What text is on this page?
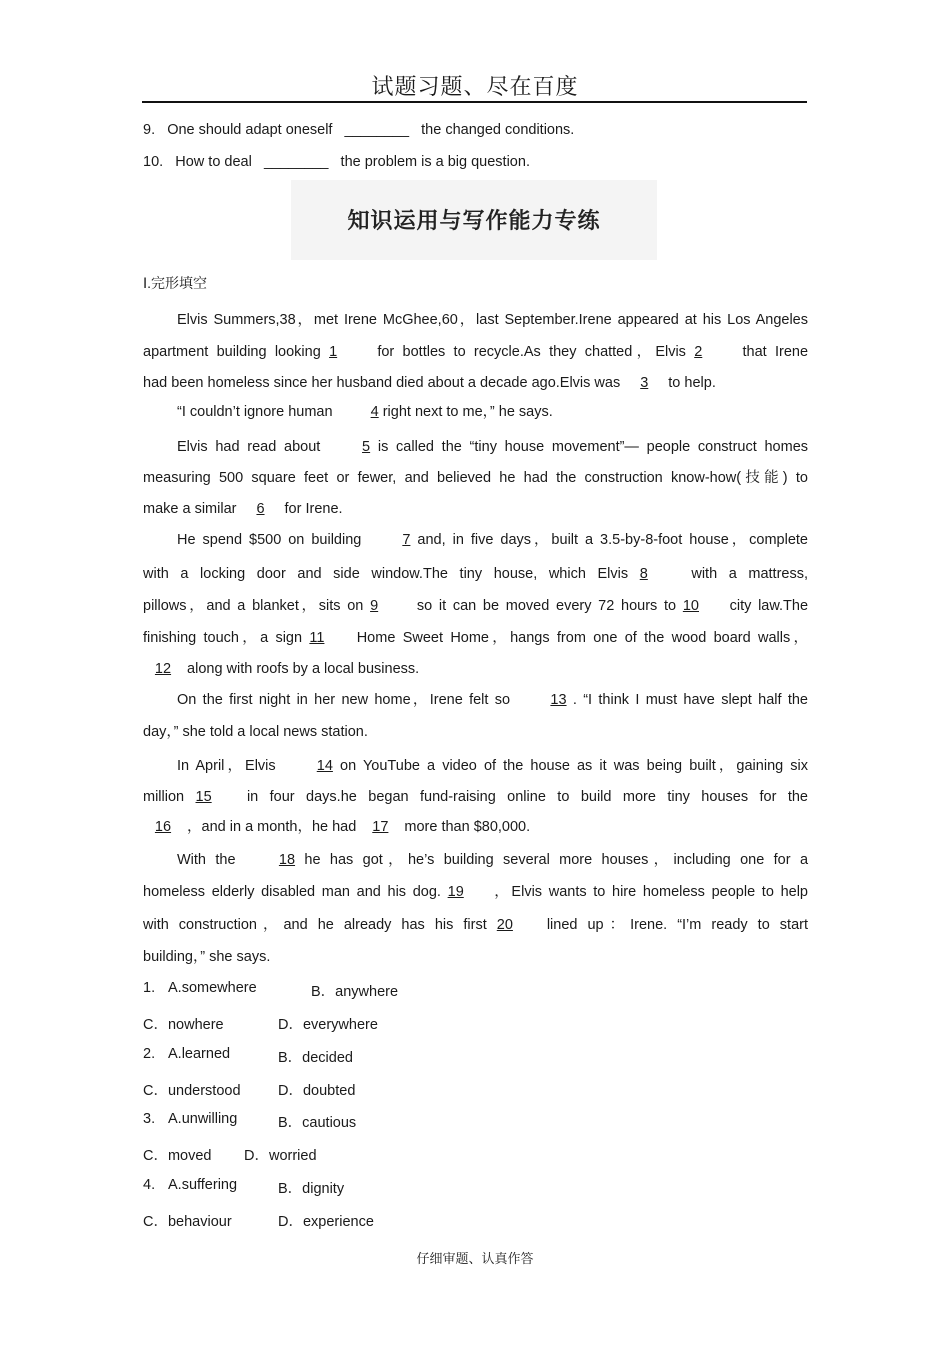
试题习题、尽在百度
9. One should adapt oneself ________ the changed conditions.
10. How to deal ________ the problem is a big question.
知识运用与写作能力专练
Ⅰ.完形填空
Elvis Summers,38，met Irene McGhee,60，last September.Irene appeared at his Los Angeles
apartment building looking 1	for bottles to recycle.As they chatted，Elvis 2	that Irene
had been homeless since her husband died about a decade ago.Elvis was 3 to help.
“I couldn’t ignore human	4 right next to me，” he says.
Elvis had read about	5 is called the “tiny house movement”— people construct homes
measuring 500 square feet or fewer, and believed he had the construction know-how(技能) to
make a similar 6 for Irene.
He spend $500 on building	7 and, in five days，built a 3.5-by-8-foot house，complete
with a locking door and side window.The tiny house, which Elvis 8	with a mattress,
pillows，and a blanket，sits on 9	so it can be moved every 72 hours to 10 city law.The
finishing touch，a sign 11 Home Sweet Home，hangs from one of the wood board walls，
12 along with roofs by a local business.
On the first night in her new home，Irene felt so	13 . “I think I must have slept half the
day，” she told a local news station.
In April，Elvis	14 on YouTube a video of the house as it was being built，gaining six
million 15 in four days.he began fund-raising online to build more tiny houses for the
16 ，and in a month，he had 17 more than $80,000.
With the	18 he has got，he’s building several more houses，including one for a
homeless elderly disabled man and his dog. 19 ，Elvis wants to hire homeless people to help
with construction，and he already has his first 20 lined up：Irene. “I’m ready to start
building，” she says.
1. A.somewhere	B．anywhere
C．nowhere	D．everywhere
2. A.learned	B．decided
C．understood	D．doubted
3. A.unwilling	B．cautious
C．moved D．worried
4. A.suffering	B．dignity
C．behaviour	D．experience
仔细审题、认真作答
